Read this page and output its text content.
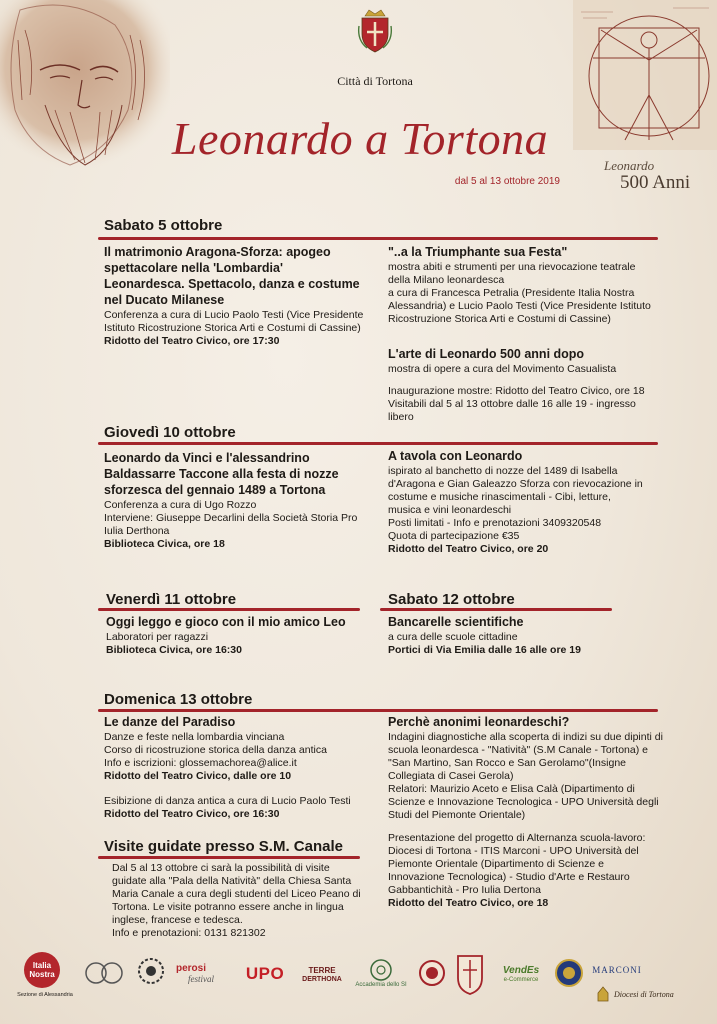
Città di Tortona
Leonardo a Tortona
dal 5 al 13 ottobre 2019
Leonardo
500 Anni
Sabato 5 ottobre
Il matrimonio Aragona-Sforza: apogeo spettacolare nella 'Lombardia' Leonardesca. Spettacolo, danza e costume nel Ducato Milanese
Conferenza a cura di Lucio Paolo Testi (Vice Presidente Istituto Ricostruzione Storica Arti e Costumi di Cassine)
Ridotto del Teatro Civico, ore 17:30
"..a la Triumphante sua Festa"
mostra abiti e strumenti per una rievocazione teatrale della Milano leonardesca
a cura di Francesca Petralia (Presidente Italia Nostra Alessandria) e Lucio Paolo Testi (Vice Presidente Istituto Ricostruzione Storica Arti e Costumi di Cassine)
L'arte di Leonardo 500 anni dopo
mostra di opere a cura del Movimento Casualista
Inaugurazione mostre: Ridotto del Teatro Civico, ore 18
Visitabili dal 5 al 13 ottobre dalle 16 alle 19 - ingresso libero
Giovedì 10 ottobre
Leonardo da Vinci e l'alessandrino Baldassarre Taccone alla festa di nozze sforzesca del gennaio 1489 a Tortona
Conferenza a cura di Ugo Rozzo
Interviene: Giuseppe Decarlini della Società Storia Pro Iulia Derthona
Biblioteca Civica, ore 18
A tavola con Leonardo
ispirato al banchetto di nozze del 1489 di Isabella d'Aragona e Gian Galeazzo Sforza con rievocazione in costume e musiche rinascimentali - Cibi, letture, musica e vini leonardeschi
Posti limitati - Info e prenotazioni 3409320548
Quota di partecipazione €35
Ridotto del Teatro Civico, ore 20
Venerdì 11 ottobre
Oggi leggo e gioco con il mio amico Leo
Laboratori per ragazzi
Biblioteca Civica, ore 16:30
Sabato 12 ottobre
Bancarelle scientifiche
a cura delle scuole cittadine
Portici di Via Emilia dalle 16 alle ore 19
Domenica 13 ottobre
Le danze del Paradiso
Danze e feste nella lombardia vinciana
Corso di ricostruzione storica della danza antica
Info e iscrizioni: glossemachorea@alice.it
Ridotto del Teatro Civico, dalle ore 10
Esibizione di danza antica a cura di Lucio Paolo Testi
Ridotto del Teatro Civico, ore 16:30
Perchè anonimi leonardeschi?
Indagini diagnostiche alla scoperta di indizi su due dipinti di scuola leonardesca - "Natività" (S.M Canale - Tortona) e "San Martino, San Rocco e San Gerolamo"(Insigne Collegiata di Casei Gerola)
Relatori: Maurizio Aceto e Elisa Calà (Dipartimento di Scienze e Innovazione Tecnologica - UPO Università degli Studi del Piemonte Orientale)
Presentazione del progetto di Alternanza scuola-lavoro: Diocesi di Tortona - ITIS Marconi - UPO Università del Piemonte Orientale (Dipartimento di Scienze e Innovazione Tecnologica) - Studio d'Arte e Restauro Gabbantichità - Pro Iulia Dertona
Ridotto del Teatro Civico, ore 18
Visite guidate presso S.M. Canale
Dal 5 al 13 ottobre ci sarà la possibilità di visite guidate alla "Pala della Natività" della Chiesa Santa Maria Canale a cura degli studenti del Liceo Peano di Tortona. Le visite potranno essere anche in lingua inglese, francese e tedesca.
Info e prenotazioni: 0131 821302
Italia Nostra
Sezione di Alessandria
perosi
festival UPO	TERRE
DERTHONA
Accademia dello SI
VendEs
e-Commerce
MARCONI
Diocesi di Tortona
